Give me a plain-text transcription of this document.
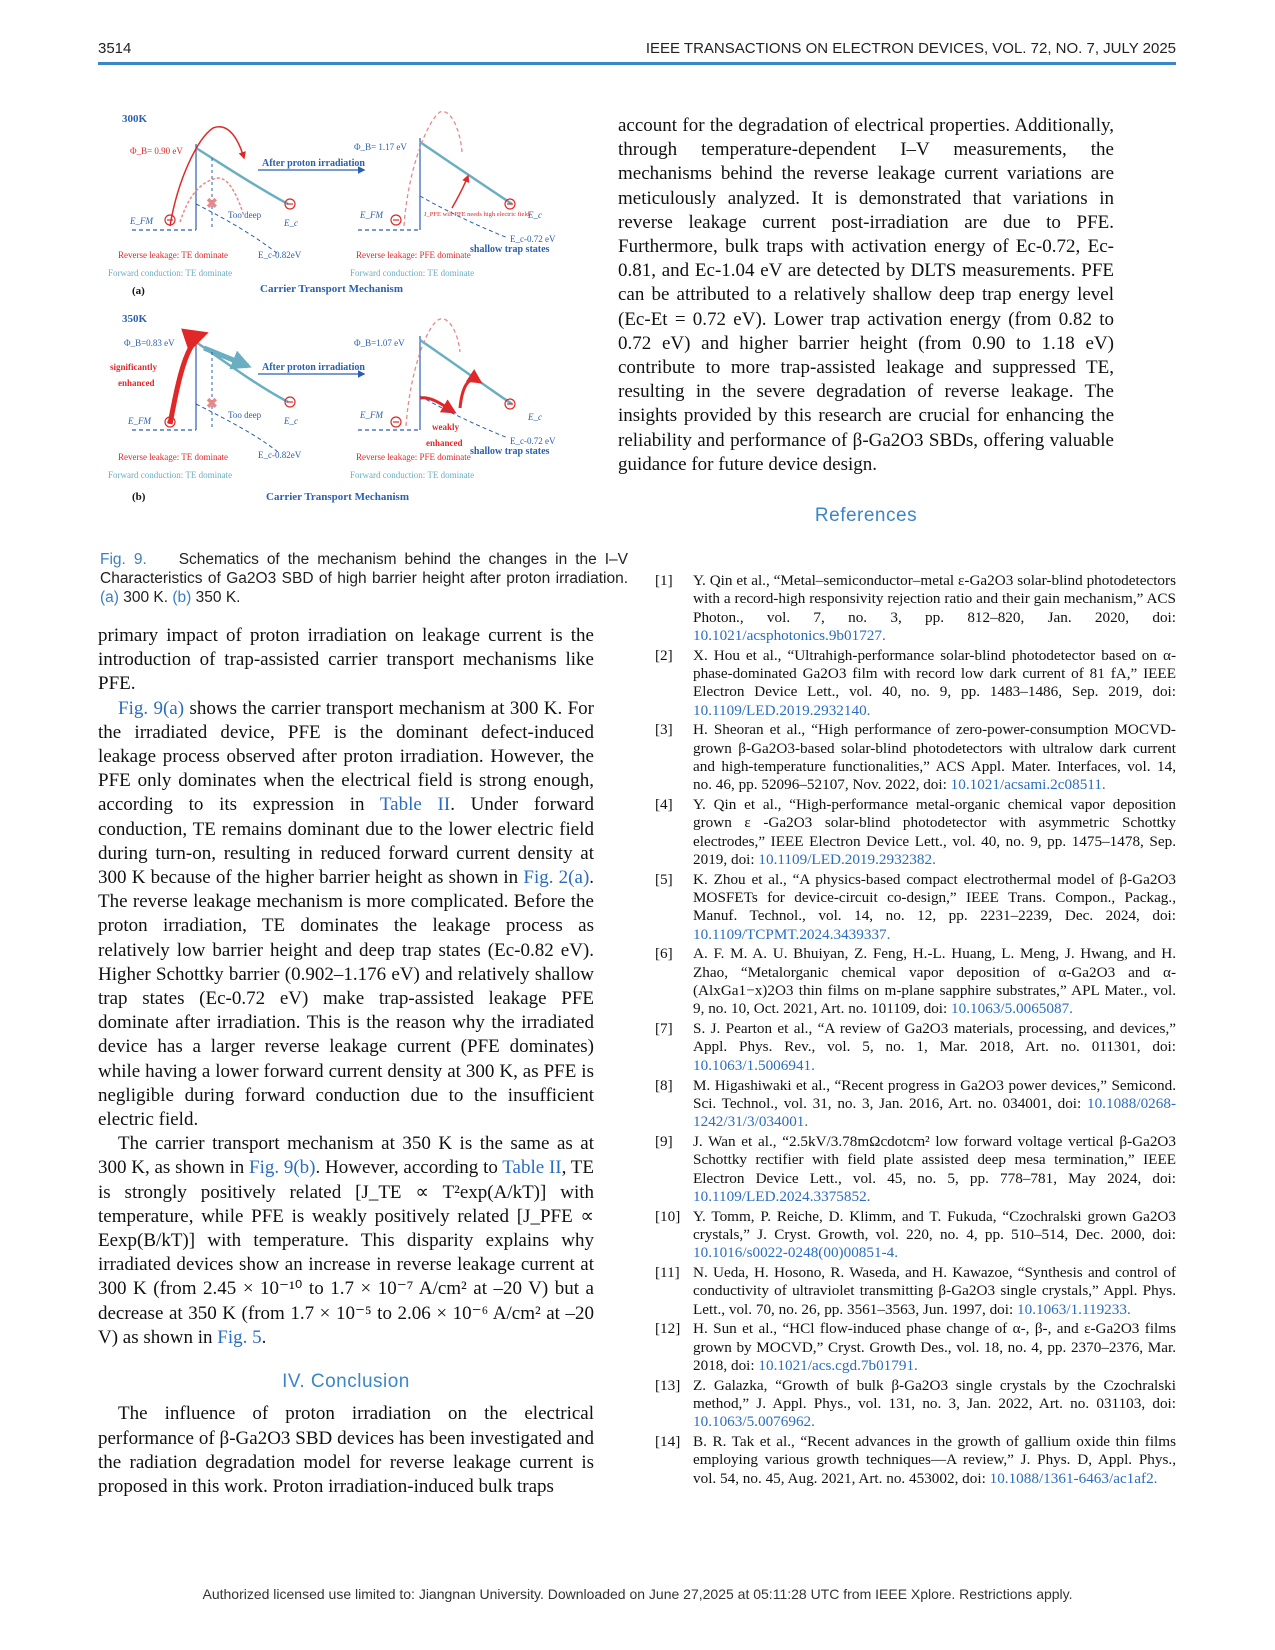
3514	IEEE TRANSACTIONS ON ELECTRON DEVICES, VOL. 72, NO. 7, JULY 2025
300K
Φ_B= 0.90 eV
E_FM
✖
Too deep
E_c
E_c-0.82eV
After proton irradiation
Φ_B= 1.17 eV
E_FM	J_PFE will PFE needs high electric field
E_c
E_c-0.72 eV
shallow trap states
Reverse leakage: TE dominate	Reverse leakage: PFE dominate
Forward conduction: TE dominate	Forward conduction: TE dominate
(a)	Carrier Transport Mechanism
350K
Φ_B=0.83 eV
significantly
enhanced
E_FM
✖
Too deep
E_c
E_c-0.82eV
After proton irradiation
Φ_B=1.07 eV
E_FM
weakly
enhanced
E_c
E_c-0.72 eV
shallow trap states
Reverse leakage: TE dominate	Reverse leakage: PFE dominate
Forward conduction: TE dominate	Forward conduction: TE dominate
(b)	Carrier Transport Mechanism
Fig. 9. Schematics of the mechanism behind the changes in the I–V Characteristics of Ga2O3 SBD of high barrier height after proton irradiation. (a) 300 K. (b) 350 K.

primary impact of proton irradiation on leakage current is the introduction of trap-assisted carrier transport mechanisms like PFE.

Fig. 9(a) shows the carrier transport mechanism at 300 K. For the irradiated device, PFE is the dominant defect-induced leakage process observed after proton irradiation. However, the PFE only dominates when the electrical field is strong enough, according to its expression in Table II. Under forward conduction, TE remains dominant due to the lower electric field during turn-on, resulting in reduced forward current density at 300 K because of the higher barrier height as shown in Fig. 2(a). The reverse leakage mechanism is more complicated. Before the proton irradiation, TE dominates the leakage process as relatively low barrier height and deep trap states (Ec-0.82 eV). Higher Schottky barrier (0.902–1.176 eV) and relatively shallow trap states (Ec-0.72 eV) make trap-assisted leakage PFE dominate after irradiation. This is the reason why the irradiated device has a larger reverse leakage current (PFE dominates) while having a lower forward current density at 300 K, as PFE is negligible during forward conduction due to the insufficient electric field.

The carrier transport mechanism at 350 K is the same as at 300 K, as shown in Fig. 9(b). However, according to Table II, TE is strongly positively related [J_TE ∝ T²exp(A/kT)] with temperature, while PFE is weakly positively related [J_PFE ∝ Eexp(B/kT)] with temperature. This disparity explains why irradiated devices show an increase in reverse leakage current at 300 K (from 2.45 × 10⁻¹⁰ to 1.7 × 10⁻⁷ A/cm² at –20 V) but a decrease at 350 K (from 1.7 × 10⁻⁵ to 2.06 × 10⁻⁶ A/cm² at –20 V) as shown in Fig. 5.

IV. Conclusion

The influence of proton irradiation on the electrical performance of β-Ga2O3 SBD devices has been investigated and the radiation degradation model for reverse leakage current is proposed in this work. Proton irradiation-induced bulk traps

account for the degradation of electrical properties. Additionally, through temperature-dependent I–V measurements, the mechanisms behind the reverse leakage current variations are meticulously analyzed. It is demonstrated that variations in reverse leakage current post-irradiation are due to PFE. Furthermore, bulk traps with activation energy of Ec-0.72, Ec-0.81, and Ec-1.04 eV are detected by DLTS measurements. PFE can be attributed to a relatively shallow deep trap energy level (Ec-Et = 0.72 eV). Lower trap activation energy (from 0.82 to 0.72 eV) and higher barrier height (from 0.90 to 1.18 eV) contribute to more trap-assisted leakage and suppressed TE, resulting in the severe degradation of reverse leakage. The insights provided by this research are crucial for enhancing the reliability and performance of β-Ga2O3 SBDs, offering valuable guidance for future device design.

References
[1] Y. Qin et al., “Metal–semiconductor–metal ε-Ga2O3 solar-blind photodetectors with a record-high responsivity rejection ratio and their gain mechanism,” ACS Photon., vol. 7, no. 3, pp. 812–820, Jan. 2020, doi: 10.1021/acsphotonics.9b01727.
[2] X. Hou et al., “Ultrahigh-performance solar-blind photodetector based on α-phase-dominated Ga2O3 film with record low dark current of 81 fA,” IEEE Electron Device Lett., vol. 40, no. 9, pp. 1483–1486, Sep. 2019, doi: 10.1109/LED.2019.2932140.
[3] H. Sheoran et al., “High performance of zero-power-consumption MOCVD-grown β-Ga2O3-based solar-blind photodetectors with ultralow dark current and high-temperature functionalities,” ACS Appl. Mater. Interfaces, vol. 14, no. 46, pp. 52096–52107, Nov. 2022, doi: 10.1021/acsami.2c08511.
[4] Y. Qin et al., “High-performance metal-organic chemical vapor deposition grown ε -Ga2O3 solar-blind photodetector with asymmetric Schottky electrodes,” IEEE Electron Device Lett., vol. 40, no. 9, pp. 1475–1478, Sep. 2019, doi: 10.1109/LED.2019.2932382.
[5] K. Zhou et al., “A physics-based compact electrothermal model of β-Ga2O3 MOSFETs for device-circuit co-design,” IEEE Trans. Compon., Packag., Manuf. Technol., vol. 14, no. 12, pp. 2231–2239, Dec. 2024, doi: 10.1109/TCPMT.2024.3439337.
[6] A. F. M. A. U. Bhuiyan, Z. Feng, H.-L. Huang, L. Meng, J. Hwang, and H. Zhao, “Metalorganic chemical vapor deposition of α-Ga2O3 and α-(AlxGa1−x)2O3 thin films on m-plane sapphire substrates,” APL Mater., vol. 9, no. 10, Oct. 2021, Art. no. 101109, doi: 10.1063/5.0065087.
[7] S. J. Pearton et al., “A review of Ga2O3 materials, processing, and devices,” Appl. Phys. Rev., vol. 5, no. 1, Mar. 2018, Art. no. 011301, doi: 10.1063/1.5006941.
[8] M. Higashiwaki et al., “Recent progress in Ga2O3 power devices,” Semicond. Sci. Technol., vol. 31, no. 3, Jan. 2016, Art. no. 034001, doi: 10.1088/0268-1242/31/3/034001.
[9] J. Wan et al., “2.5kV/3.78mΩcdotcm² low forward voltage vertical β-Ga2O3 Schottky rectifier with field plate assisted deep mesa termination,” IEEE Electron Device Lett., vol. 45, no. 5, pp. 778–781, May 2024, doi: 10.1109/LED.2024.3375852.
[10] Y. Tomm, P. Reiche, D. Klimm, and T. Fukuda, “Czochralski grown Ga2O3 crystals,” J. Cryst. Growth, vol. 220, no. 4, pp. 510–514, Dec. 2000, doi: 10.1016/s0022-0248(00)00851-4.
[11] N. Ueda, H. Hosono, R. Waseda, and H. Kawazoe, “Synthesis and control of conductivity of ultraviolet transmitting β-Ga2O3 single crystals,” Appl. Phys. Lett., vol. 70, no. 26, pp. 3561–3563, Jun. 1997, doi: 10.1063/1.119233.
[12] H. Sun et al., “HCl flow-induced phase change of α-, β-, and ε-Ga2O3 films grown by MOCVD,” Cryst. Growth Des., vol. 18, no. 4, pp. 2370–2376, Mar. 2018, doi: 10.1021/acs.cgd.7b01791.
[13] Z. Galazka, “Growth of bulk β-Ga2O3 single crystals by the Czochralski method,” J. Appl. Phys., vol. 131, no. 3, Jan. 2022, Art. no. 031103, doi: 10.1063/5.0076962.
[14] B. R. Tak et al., “Recent advances in the growth of gallium oxide thin films employing various growth techniques—A review,” J. Phys. D, Appl. Phys., vol. 54, no. 45, Aug. 2021, Art. no. 453002, doi: 10.1088/1361-6463/ac1af2.
Authorized licensed use limited to: Jiangnan University. Downloaded on June 27,2025 at 05:11:28 UTC from IEEE Xplore. Restrictions apply.
